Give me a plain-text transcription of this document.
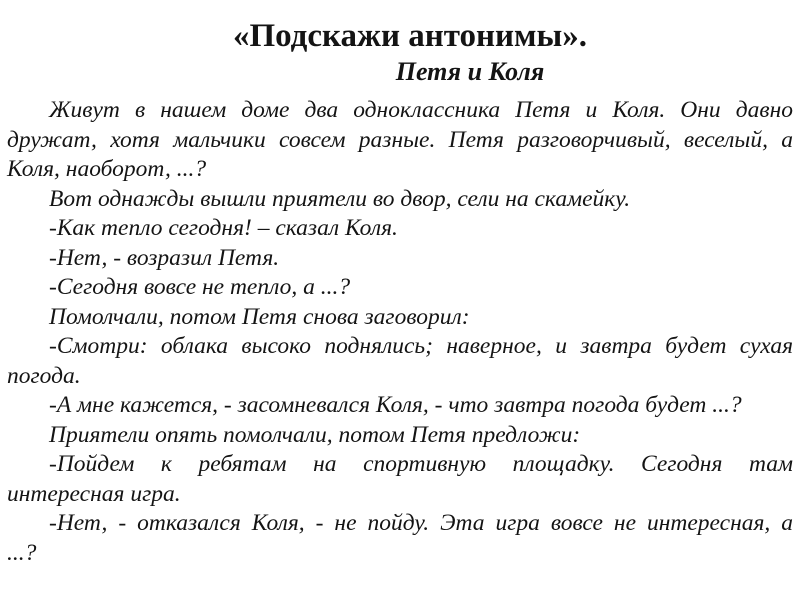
«Подскажи антонимы».
Петя и Коля

Живут в нашем доме два одноклассника Петя и Коля. Они давно

дружат, хотя мальчики совсем разные. Петя разговорчивый, веселый, а

Коля, наоборот, ...?

Вот однажды вышли приятели во двор, сели на скамейку.

-Как тепло сегодня! – сказал Коля.

-Нет, - возразил Петя.

-Сегодня вовсе не тепло, а ...?

Помолчали, потом Петя снова заговорил:

-Смотри: облака высоко поднялись; наверное, и завтра будет сухая

погода.

-А мне кажется, - засомневался Коля, - что завтра погода будет ...?

Приятели опять помолчали, потом Петя предложи:

-Пойдем к ребятам на спортивную площадку. Сегодня там

интересная игра.

-Нет, - отказался Коля, - не пойду. Эта игра вовсе не интересная, а

...?
